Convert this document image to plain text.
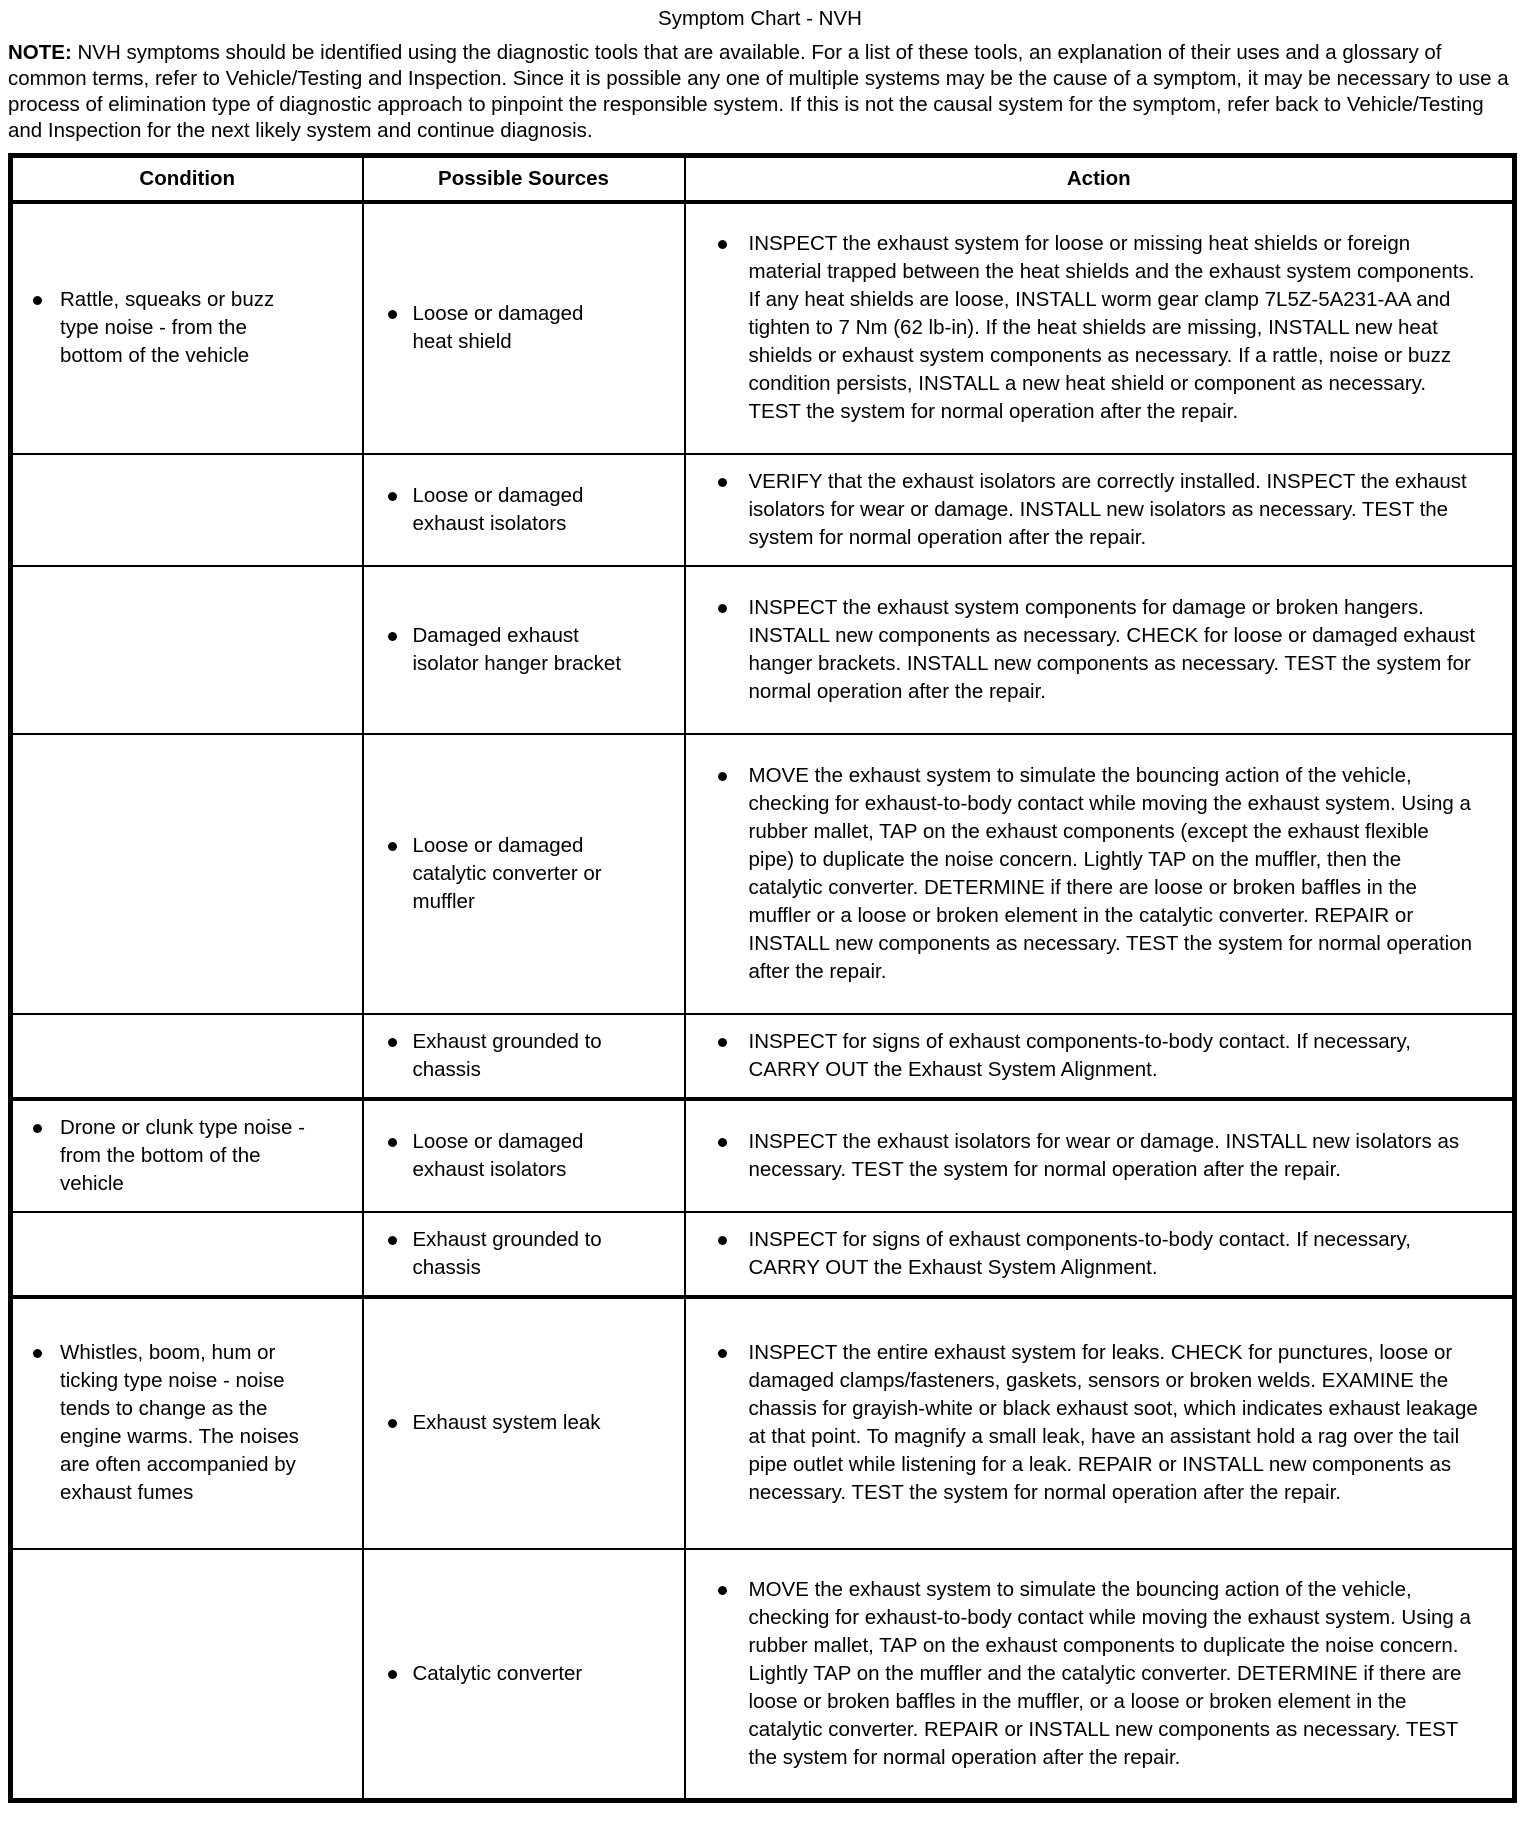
Symptom Chart - NVH

NOTE: NVH symptoms should be identified using the diagnostic tools that are available. For a list of these tools, an explanation of their uses and a glossary of common terms, refer to Vehicle/Testing and Inspection. Since it is possible any one of multiple systems may be the cause of a symptom, it may be necessary to use a process of elimination type of diagnostic approach to pinpoint the responsible system. If this is not the causal system for the symptom, refer back to Vehicle/Testing and Inspection for the next likely system and continue diagnosis.

Condition	Possible Sources	Action

Rattle, squeaks or buzz type noise - from the bottom of the vehicle	Loose or damaged heat shield	INSPECT the exhaust system for loose or missing heat shields or foreign material trapped between the heat shields and the exhaust system components. If any heat shields are loose, INSTALL worm gear clamp 7L5Z-5A231-AA and tighten to 7 Nm (62 lb-in). If the heat shields are missing, INSTALL new heat shields or exhaust system components as necessary. If a rattle, noise or buzz condition persists, INSTALL a new heat shield or component as necessary. TEST the system for normal operation after the repair.

	Loose or damaged exhaust isolators	VERIFY that the exhaust isolators are correctly installed. INSPECT the exhaust isolators for wear or damage. INSTALL new isolators as necessary. TEST the system for normal operation after the repair.

	Damaged exhaust isolator hanger bracket	INSPECT the exhaust system components for damage or broken hangers. INSTALL new components as necessary. CHECK for loose or damaged exhaust hanger brackets. INSTALL new components as necessary. TEST the system for normal operation after the repair.

	Loose or damaged catalytic converter or muffler	MOVE the exhaust system to simulate the bouncing action of the vehicle, checking for exhaust-to-body contact while moving the exhaust system. Using a rubber mallet, TAP on the exhaust components (except the exhaust flexible pipe) to duplicate the noise concern. Lightly TAP on the muffler, then the catalytic converter. DETERMINE if there are loose or broken baffles in the muffler or a loose or broken element in the catalytic converter. REPAIR or INSTALL new components as necessary. TEST the system for normal operation after the repair.

	Exhaust grounded to chassis	INSPECT for signs of exhaust components-to-body contact. If necessary, CARRY OUT the Exhaust System Alignment.

Drone or clunk type noise - from the bottom of the vehicle	Loose or damaged exhaust isolators	INSPECT the exhaust isolators for wear or damage. INSTALL new isolators as necessary. TEST the system for normal operation after the repair.

	Exhaust grounded to chassis	INSPECT for signs of exhaust components-to-body contact. If necessary, CARRY OUT the Exhaust System Alignment.

Whistles, boom, hum or ticking type noise - noise tends to change as the engine warms. The noises are often accompanied by exhaust fumes	Exhaust system leak	INSPECT the entire exhaust system for leaks. CHECK for punctures, loose or damaged clamps/fasteners, gaskets, sensors or broken welds. EXAMINE the chassis for grayish-white or black exhaust soot, which indicates exhaust leakage at that point. To magnify a small leak, have an assistant hold a rag over the tail pipe outlet while listening for a leak. REPAIR or INSTALL new components as necessary. TEST the system for normal operation after the repair.

	Catalytic converter	MOVE the exhaust system to simulate the bouncing action of the vehicle, checking for exhaust-to-body contact while moving the exhaust system. Using a rubber mallet, TAP on the exhaust components to duplicate the noise concern. Lightly TAP on the muffler and the catalytic converter. DETERMINE if there are loose or broken baffles in the muffler, or a loose or broken element in the catalytic converter. REPAIR or INSTALL new components as necessary. TEST the system for normal operation after the repair.
